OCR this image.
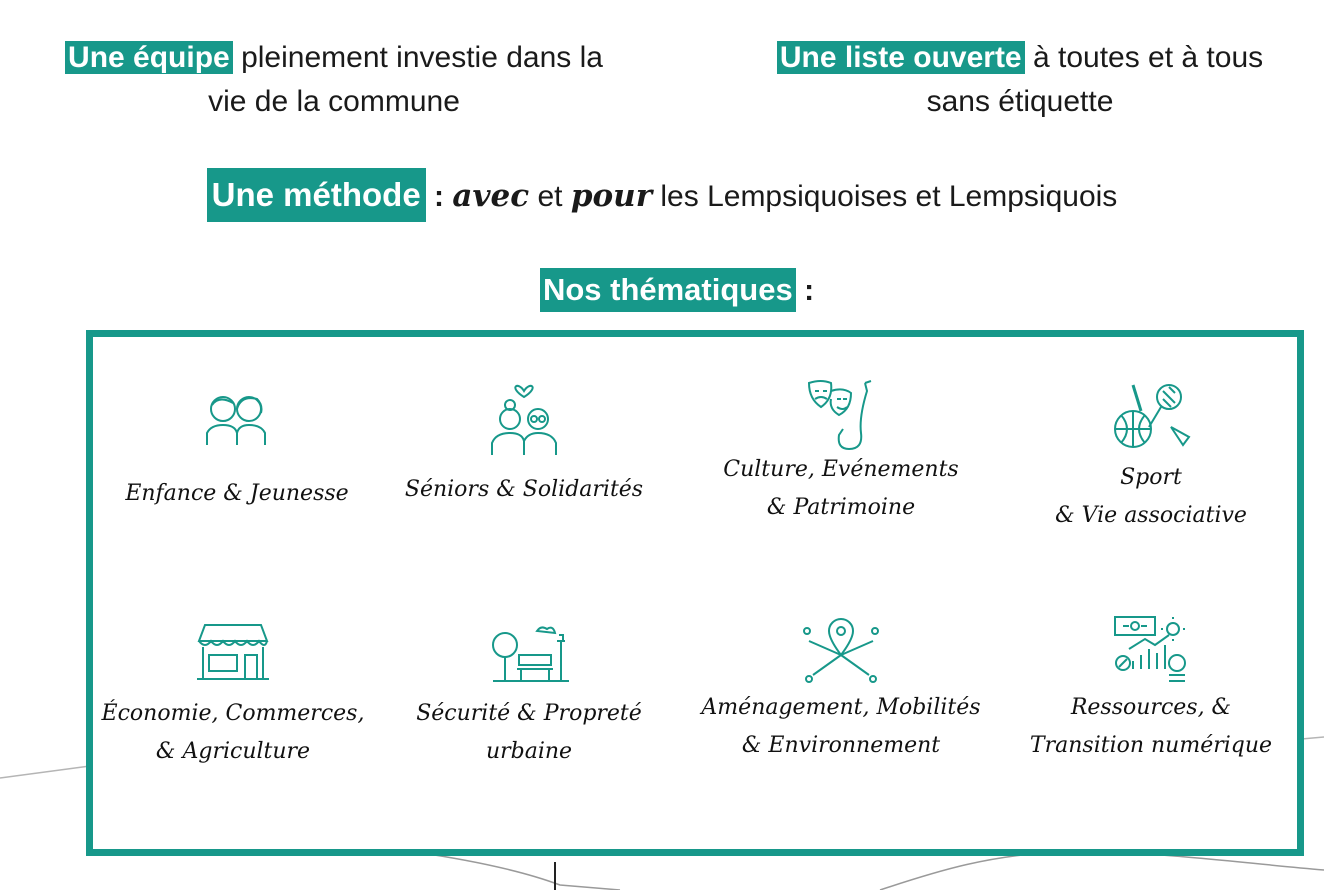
Une équipe pleinement investie dans la
vie de la commune
Une liste ouverte à toutes et à tous
sans étiquette
Une méthode : avec et pour les Lempsiquoises et Lempsiquois
Nos thématiques :
Enfance & Jeunesse	Séniors & Solidarités
Culture, Evénements
& Patrimoine
Sport
& Vie associative
Économie, Commerces,
& Agriculture
Sécurité & Propreté
urbaine
Aménagement, Mobilités
& Environnement
Ressources, &
Transition numérique
